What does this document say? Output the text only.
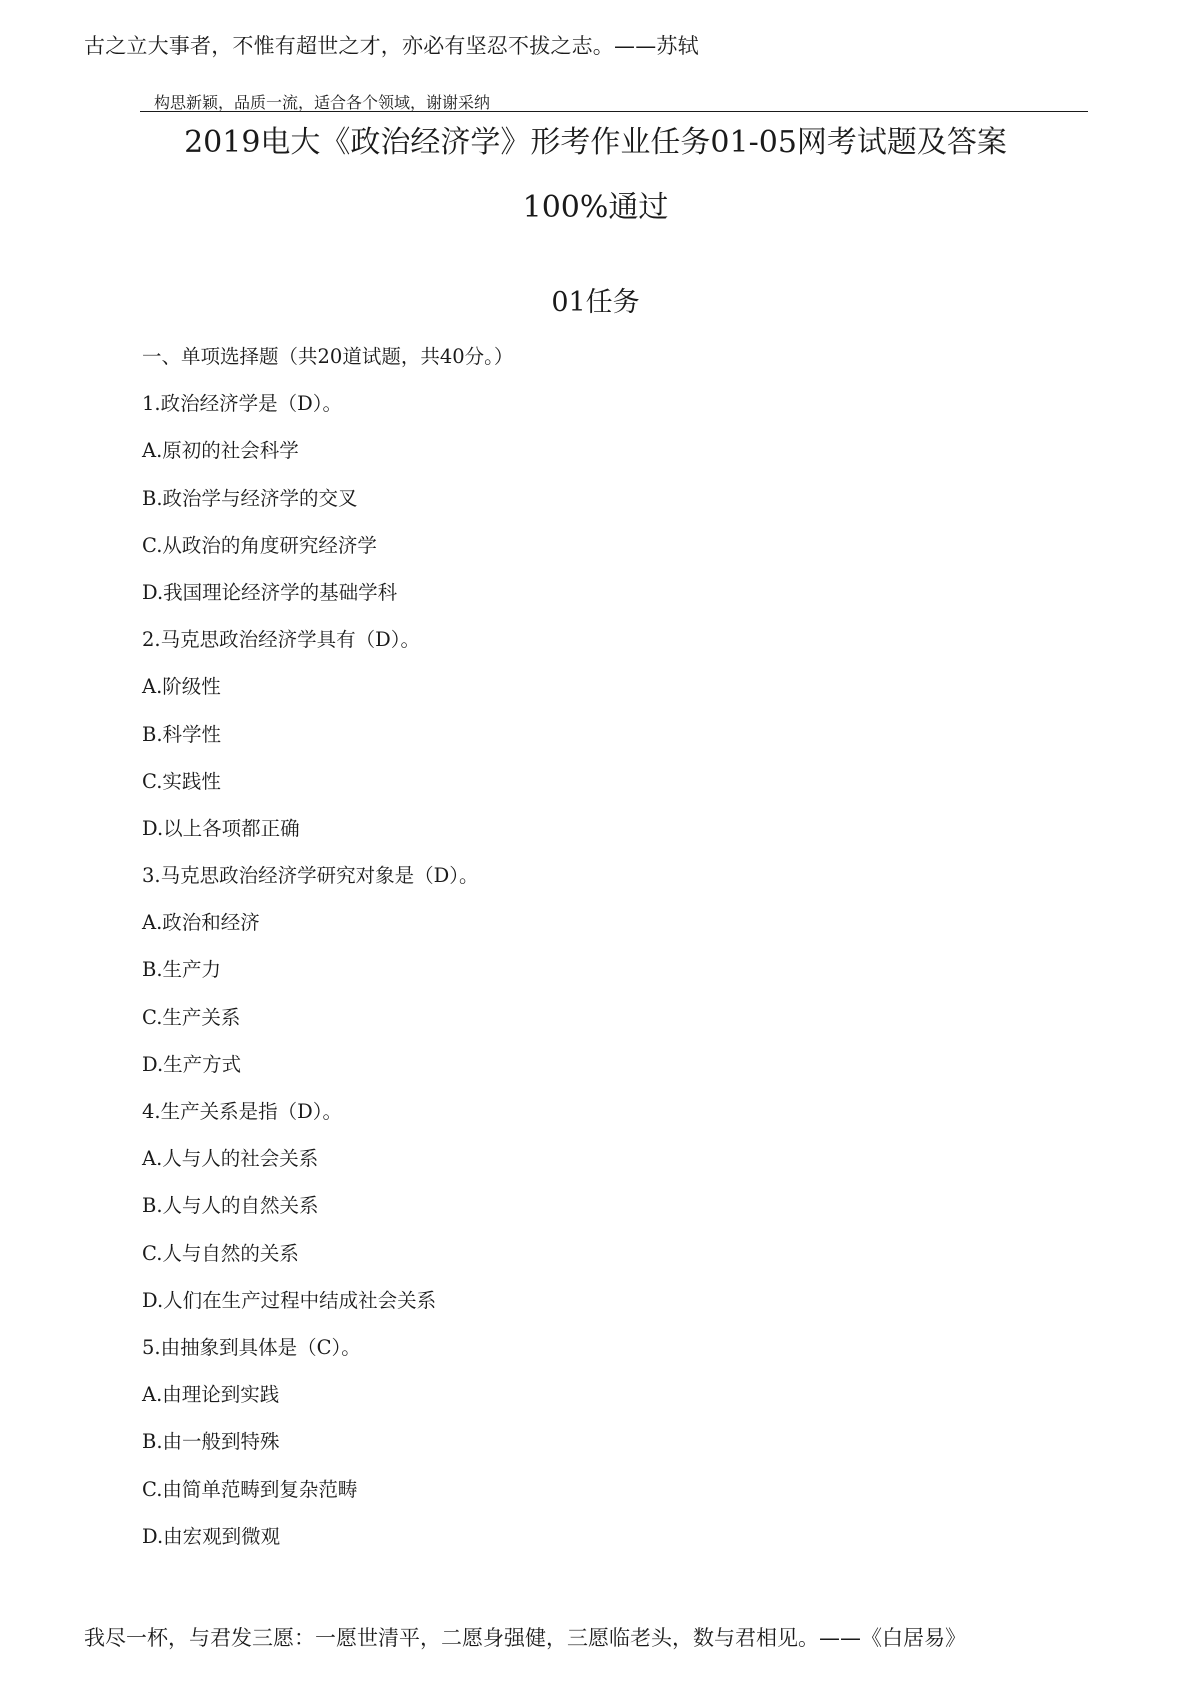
古之立大事者，不惟有超世之才，亦必有坚忍不拔之志。——苏轼
构思新颖，品质一流，适合各个领域，谢谢采纳
2019电大《政治经济学》形考作业任务01-05网考试题及答案
100%通过
01任务
一、单项选择题（共20道试题，共40分。）
1.政治经济学是（D）。
A.原初的社会科学
B.政治学与经济学的交叉
C.从政治的角度研究经济学
D.我国理论经济学的基础学科
2.马克思政治经济学具有（D）。
A.阶级性
B.科学性
C.实践性
D.以上各项都正确
3.马克思政治经济学研究对象是（D）。
A.政治和经济
B.生产力
C.生产关系
D.生产方式
4.生产关系是指（D）。
A.人与人的社会关系
B.人与人的自然关系
C.人与自然的关系
D.人们在生产过程中结成社会关系
5.由抽象到具体是（C）。
A.由理论到实践
B.由一般到特殊
C.由简单范畴到复杂范畴
D.由宏观到微观
我尽一杯，与君发三愿：一愿世清平，二愿身强健，三愿临老头，数与君相见。——《白居易》
